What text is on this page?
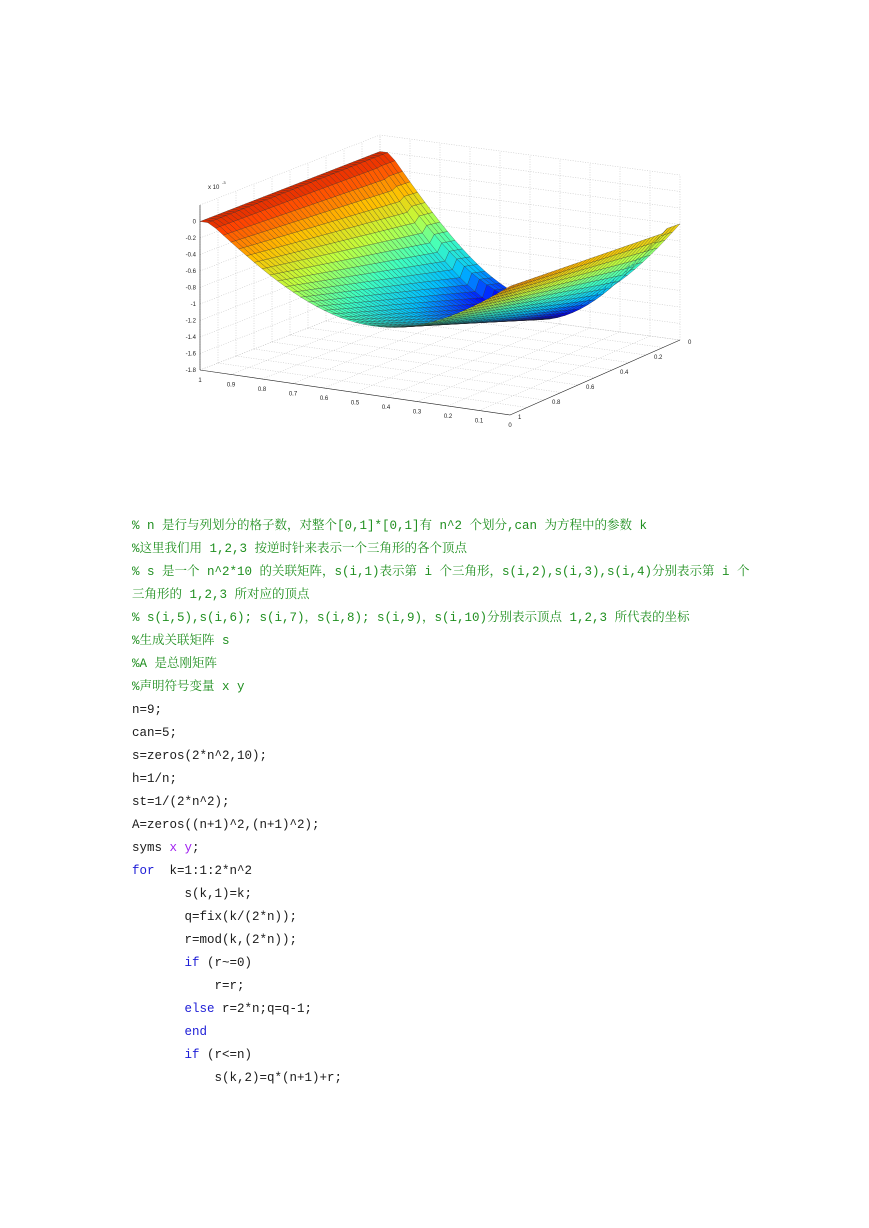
x 10
-3
0
-0.2
-0.4
-0.6
-0.8
-1
-1.2
-1.4
-1.6
-1.8
1
0.9
0.8
0.7
0.6
0.5
0.4
0.3
0.2
0.1
0
0
0.2
0.4
0.6
0.8
1
% n 是行与列划分的格子数，对整个[0,1]*[0,1]有 n^2 个划分,can 为方程中的参数 k
%这里我们用 1,2,3 按逆时针来表示一个三角形的各个顶点
% s 是一个 n^2*10 的关联矩阵，s(i,1)表示第 i 个三角形，s(i,2),s(i,3),s(i,4)分别表示第 i 个三角形的 1,2,3 所对应的顶点
% s(i,5),s(i,6); s(i,7)，s(i,8); s(i,9)，s(i,10)分别表示顶点 1,2,3 所代表的坐标
%生成关联矩阵 s
%A 是总刚矩阵
%声明符号变量 x y
n=9;
can=5;
s=zeros(2*n^2,10);
h=1/n;
st=1/(2*n^2);
A=zeros((n+1)^2,(n+1)^2);
syms x y;
for  k=1:1:2*n^2
s(k,1)=k;
q=fix(k/(2*n));
r=mod(k,(2*n));
if (r~=0)
r=r;
else r=2*n;q=q-1;
end
if (r<=n)
s(k,2)=q*(n+1)+r;
